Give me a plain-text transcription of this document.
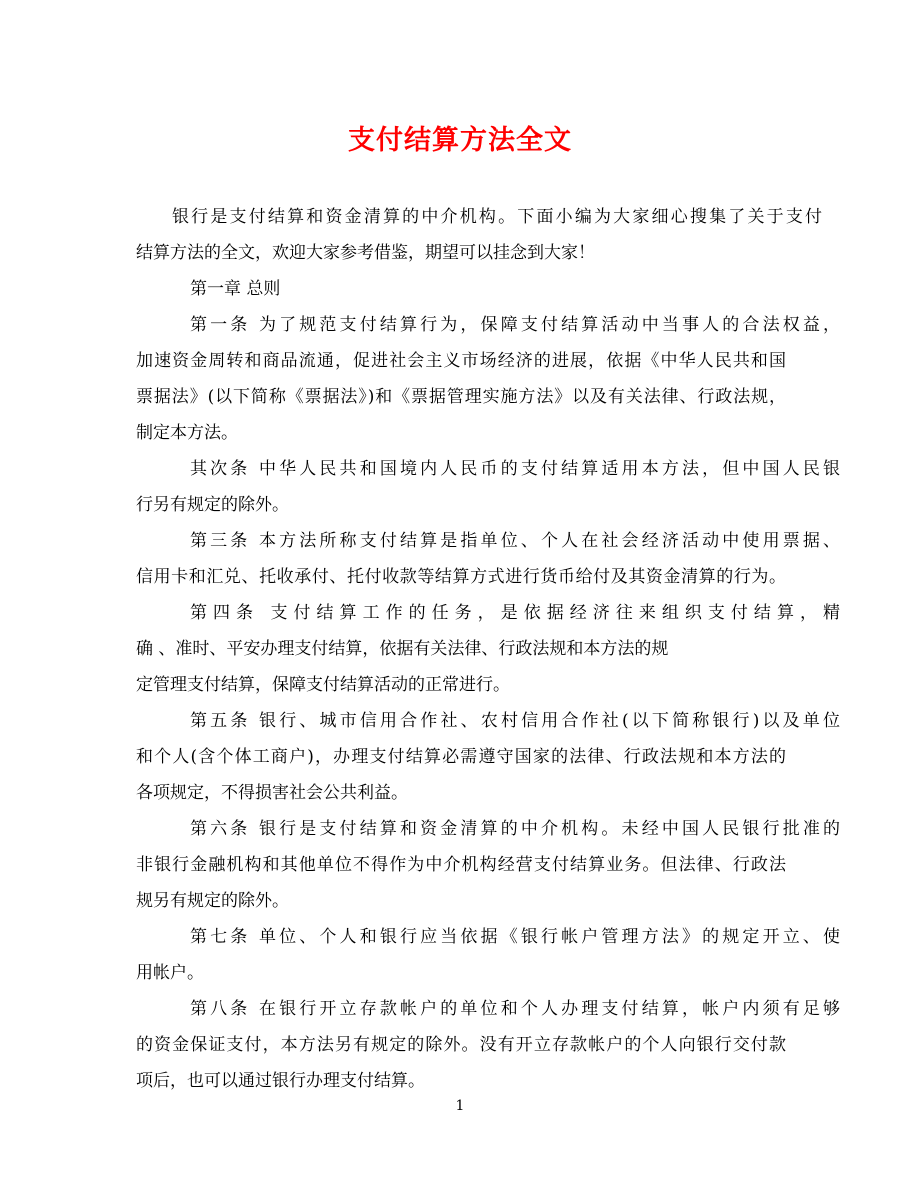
支付结算方法全文
银行是支付结算和资金清算的中介机构。下面小编为大家细心搜集了关于支付
结算方法的全文，欢迎大家参考借鉴，期望可以挂念到大家！
第一章 总则
第一条 为了规范支付结算行为，保障支付结算活动中当事人的合法权益，
加速资金周转和商品流通，促进社会主义市场经济的进展，依据《中华人民共和国
票据法》(以下简称《票据法》)和《票据管理实施方法》以及有关法律、行政法规，
制定本方法。
其次条 中华人民共和国境内人民币的支付结算适用本方法，但中国人民银
行另有规定的除外。
第三条 本方法所称支付结算是指单位、个人在社会经济活动中使用票据、
信用卡和汇兑、托收承付、托付收款等结算方式进行货币给付及其资金清算的行为。
第四条 支付结算工作的任务，是依据经济往来组织支付结算，精
确 、准时、平安办理支付结算，依据有关法律、行政法规和本方法的规
定管理支付结算，保障支付结算活动的正常进行。
第五条 银行、城市信用合作社、农村信用合作社(以下简称银行)以及单位
和个人(含个体工商户)，办理支付结算必需遵守国家的法律、行政法规和本方法的
各项规定，不得损害社会公共利益。
第六条 银行是支付结算和资金清算的中介机构。未经中国人民银行批准的
非银行金融机构和其他单位不得作为中介机构经营支付结算业务。但法律、行政法
规另有规定的除外。
第七条 单位、个人和银行应当依据《银行帐户管理方法》的规定开立、使
用帐户。
第八条 在银行开立存款帐户的单位和个人办理支付结算，帐户内须有足够
的资金保证支付，本方法另有规定的除外。没有开立存款帐户的个人向银行交付款
项后，也可以通过银行办理支付结算。
1
